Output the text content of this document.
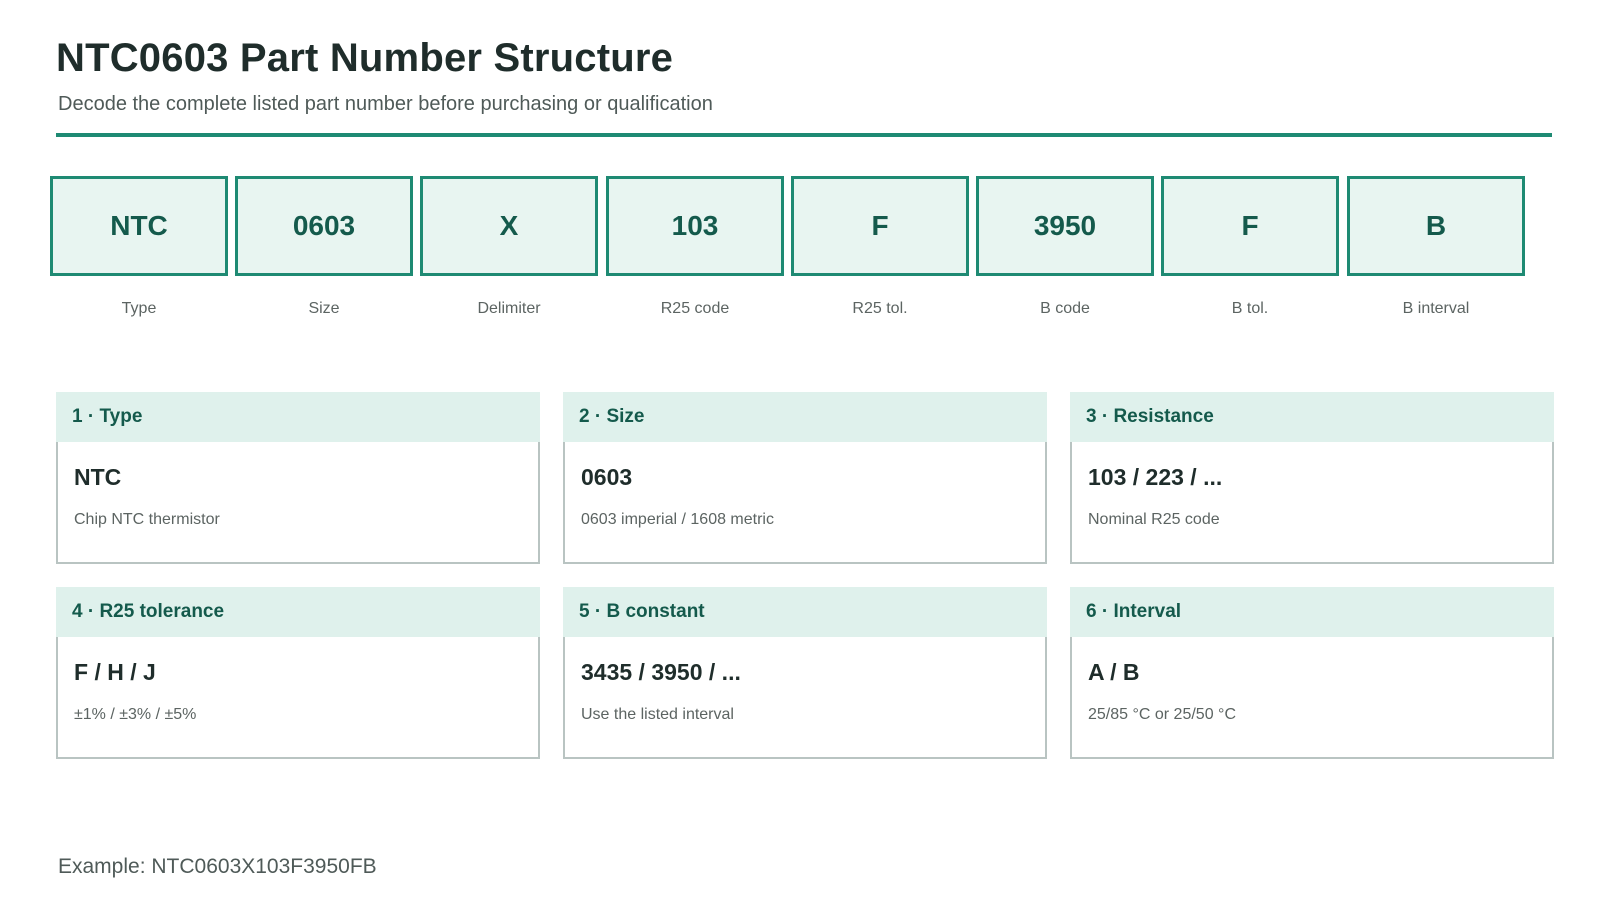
NTC0603 Part Number Structure
Decode the complete listed part number before purchasing or qualification
NTC
Type
0603
Size
X
Delimiter
103
R25 code
F
R25 tol.
3950
B code
F
B tol.
B
B interval
1 · Type
NTC
Chip NTC thermistor
2 · Size
0603
0603 imperial / 1608 metric
3 · Resistance
103 / 223 / ...
Nominal R25 code
4 · R25 tolerance
F / H / J
±1% / ±3% / ±5%
5 · B constant
3435 / 3950 / ...
Use the listed interval
6 · Interval
A / B
25/85 °C or 25/50 °C
Example: NTC0603X103F3950FB
